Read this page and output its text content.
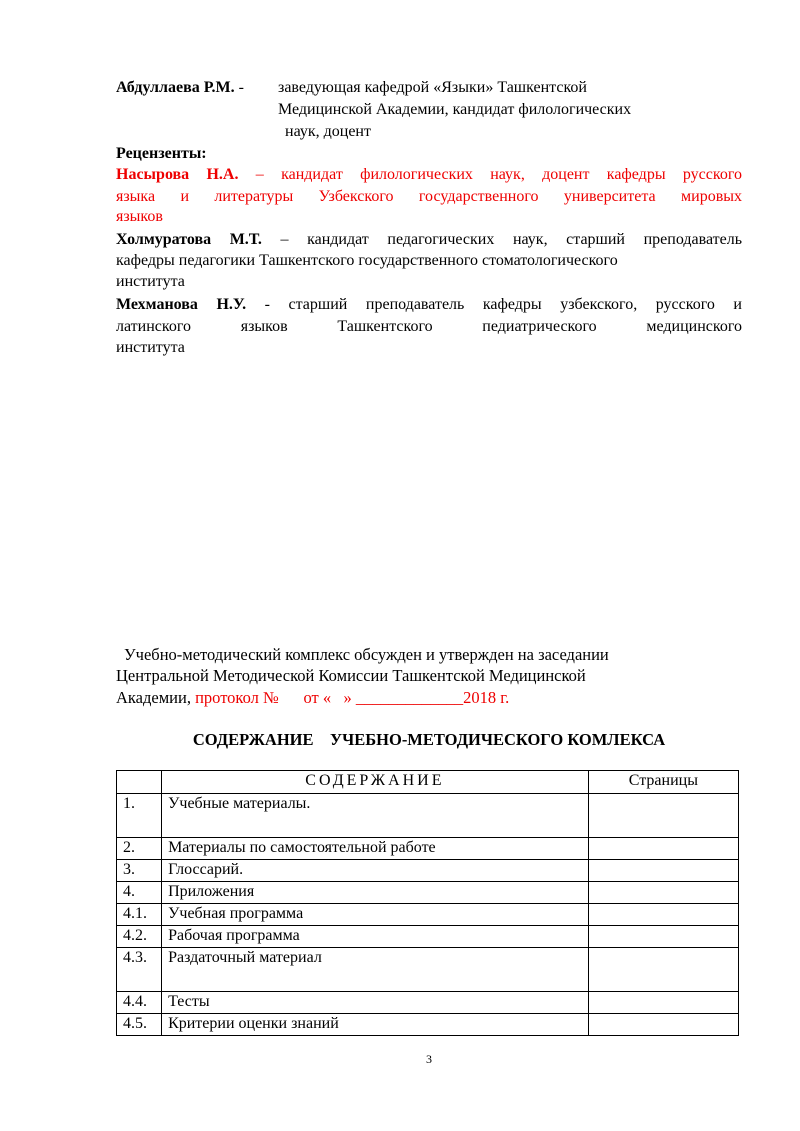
Абдуллаева Р.М. - заведующая кафедрой «Языки» Ташкентской
Медицинской Академии, кандидат филологических
наук, доцент
Рецензенты:
Насырова Н.А. – кандидат филологических наук, доцент кафедры русского
языка и литературы Узбекского государственного университета мировых
языков
Холмуратова М.Т. – кандидат педагогических наук, старший преподаватель
кафедры педагогики Ташкентского государственного стоматологического
института
Мехманова Н.У. - старший преподаватель кафедры узбекского, русского и
латинского языков Ташкентского педиатрического медицинского
института
Учебно-методический комплекс обсужден и утвержден на заседании
Центральной Методической Комиссии Ташкентской Медицинской
Академии, протокол №      от «   » _____________2018 г.
СОДЕРЖАНИЕ    УЧЕБНО-МЕТОДИЧЕСКОГО КОМЛЕКСА
	СОДЕРЖАНИЕ	Страницы
1.	Учебные материалы.	
2.	Материалы по самостоятельной работе	
3.	Глоссарий.	
4.	Приложения	
4.1.	Учебная программа	
4.2.	Рабочая программа	
4.3.	Раздаточный материал	
4.4.	Тесты	
4.5.	Критерии оценки знаний	
3
